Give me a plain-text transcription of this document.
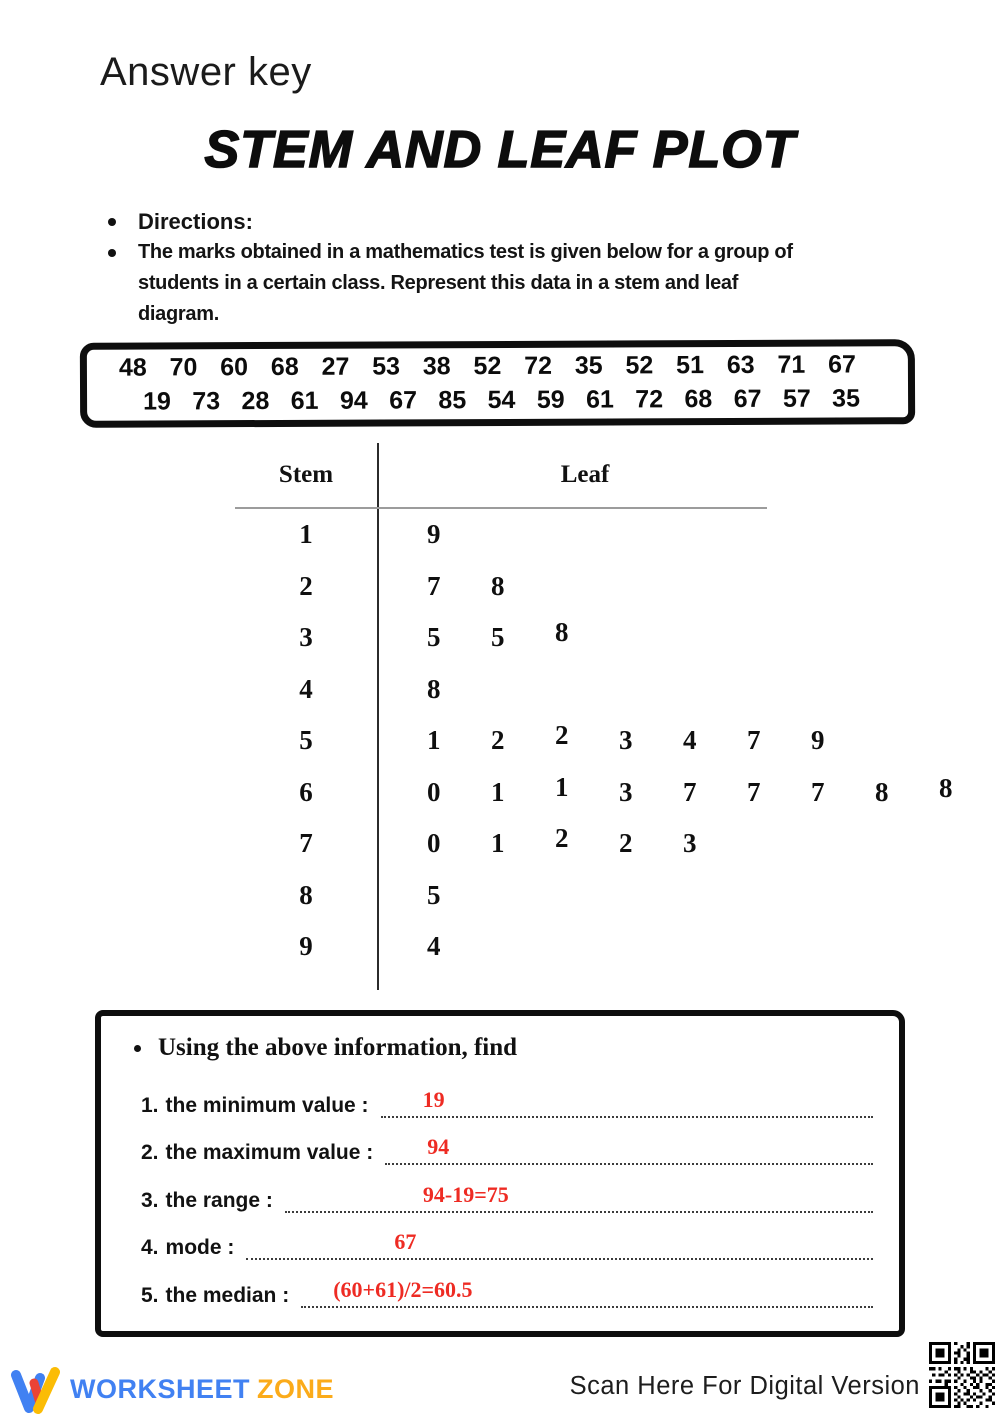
Answer key
STEM AND LEAF PLOT
Directions:
The marks obtained in a mathematics test is given below for a group of
students in a certain class. Represent this data in a stem and leaf
diagram.
48 70 60 68 27 53 38 52 72 35 52 51 63 71 67
19 73 28 61 94 67 85 54 59 61 72 68 67 57 35
Stem	Leaf
1	9
2	7	8
3	5	5	8
4	8
5	1	2	2	3	4	7	9
6	0	1	1	3	7	7	7	8	8
7	0	1	2	2	3
8	5
9	4
Using the above information, find
1. the minimum value : 19
2. the maximum value : 94
3. the range :	94-19=75
4. mode :	67
5. the median : (60+61)/2=60.5
WORKSHEET ZONE	Scan Here For Digital Version
